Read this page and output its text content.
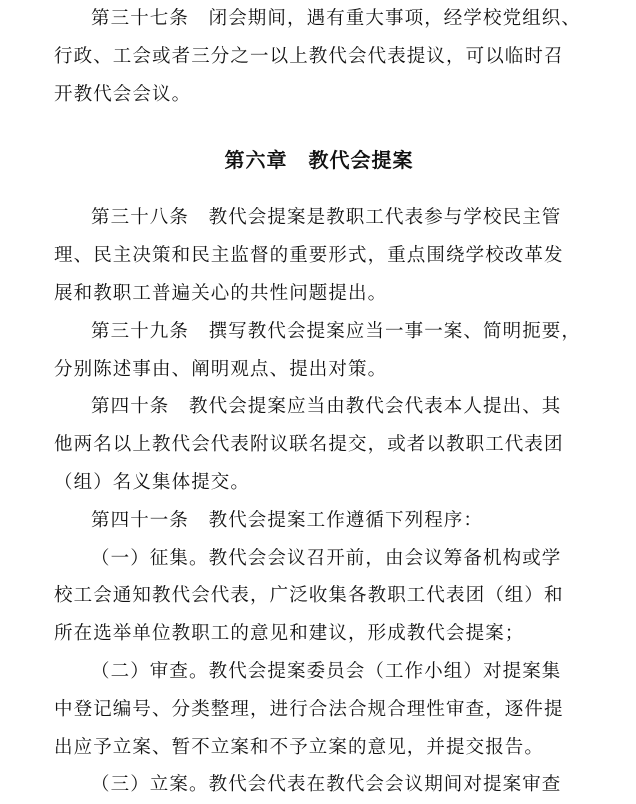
第三十七条　闭会期间，遇有重大事项，经学校党组织、
行政、工会或者三分之一以上教代会代表提议，可以临时召
开教代会会议。
第六章　教代会提案
第三十八条　教代会提案是教职工代表参与学校民主管
理、民主决策和民主监督的重要形式，重点围绕学校改革发
展和教职工普遍关心的共性问题提出。
第三十九条　撰写教代会提案应当一事一案、简明扼要，
分别陈述事由、阐明观点、提出对策。
第四十条　教代会提案应当由教代会代表本人提出、其
他两名以上教代会代表附议联名提交，或者以教职工代表团
（组）名义集体提交。
第四十一条　教代会提案工作遵循下列程序：
（一）征集。教代会会议召开前，由会议筹备机构或学
校工会通知教代会代表，广泛收集各教职工代表团（组）和
所在选举单位教职工的意见和建议，形成教代会提案；
（二）审查。教代会提案委员会（工作小组）对提案集
中登记编号、分类整理，进行合法合规合理性审查，逐件提
出应予立案、暂不立案和不予立案的意见，并提交报告。
（三）立案。教代会代表在教代会会议期间对提案审查
